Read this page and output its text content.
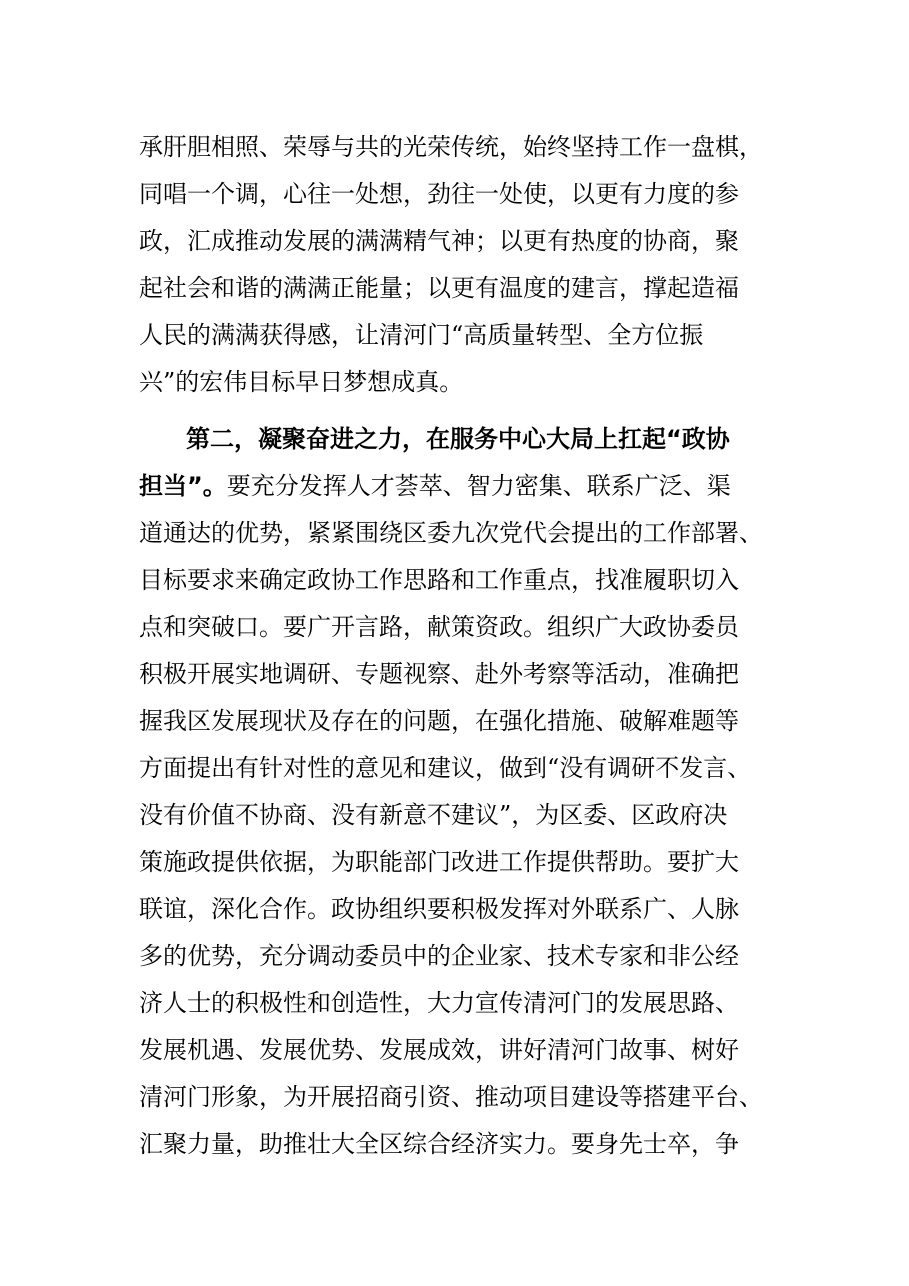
承肝胆相照、荣辱与共的光荣传统，始终坚持工作一盘棋，
同唱一个调，心往一处想，劲往一处使，以更有力度的参
政，汇成推动发展的满满精气神；以更有热度的协商，聚
起社会和谐的满满正能量；以更有温度的建言，撑起造福
人民的满满获得感，让清河门“高质量转型、全方位振
兴”的宏伟目标早日梦想成真。
第二，凝聚奋进之力，在服务中心大局上扛起“政协
担当”。要充分发挥人才荟萃、智力密集、联系广泛、渠
道通达的优势，紧紧围绕区委九次党代会提出的工作部署、
目标要求来确定政协工作思路和工作重点，找准履职切入
点和突破口。要广开言路，献策资政。组织广大政协委员
积极开展实地调研、专题视察、赴外考察等活动，准确把
握我区发展现状及存在的问题，在强化措施、破解难题等
方面提出有针对性的意见和建议，做到“没有调研不发言、
没有价值不协商、没有新意不建议”，为区委、区政府决
策施政提供依据，为职能部门改进工作提供帮助。要扩大
联谊，深化合作。政协组织要积极发挥对外联系广、人脉
多的优势，充分调动委员中的企业家、技术专家和非公经
济人士的积极性和创造性，大力宣传清河门的发展思路、
发展机遇、发展优势、发展成效，讲好清河门故事、树好
清河门形象，为开展招商引资、推动项目建设等搭建平台、
汇聚力量，助推壮大全区综合经济实力。要身先士卒，争
